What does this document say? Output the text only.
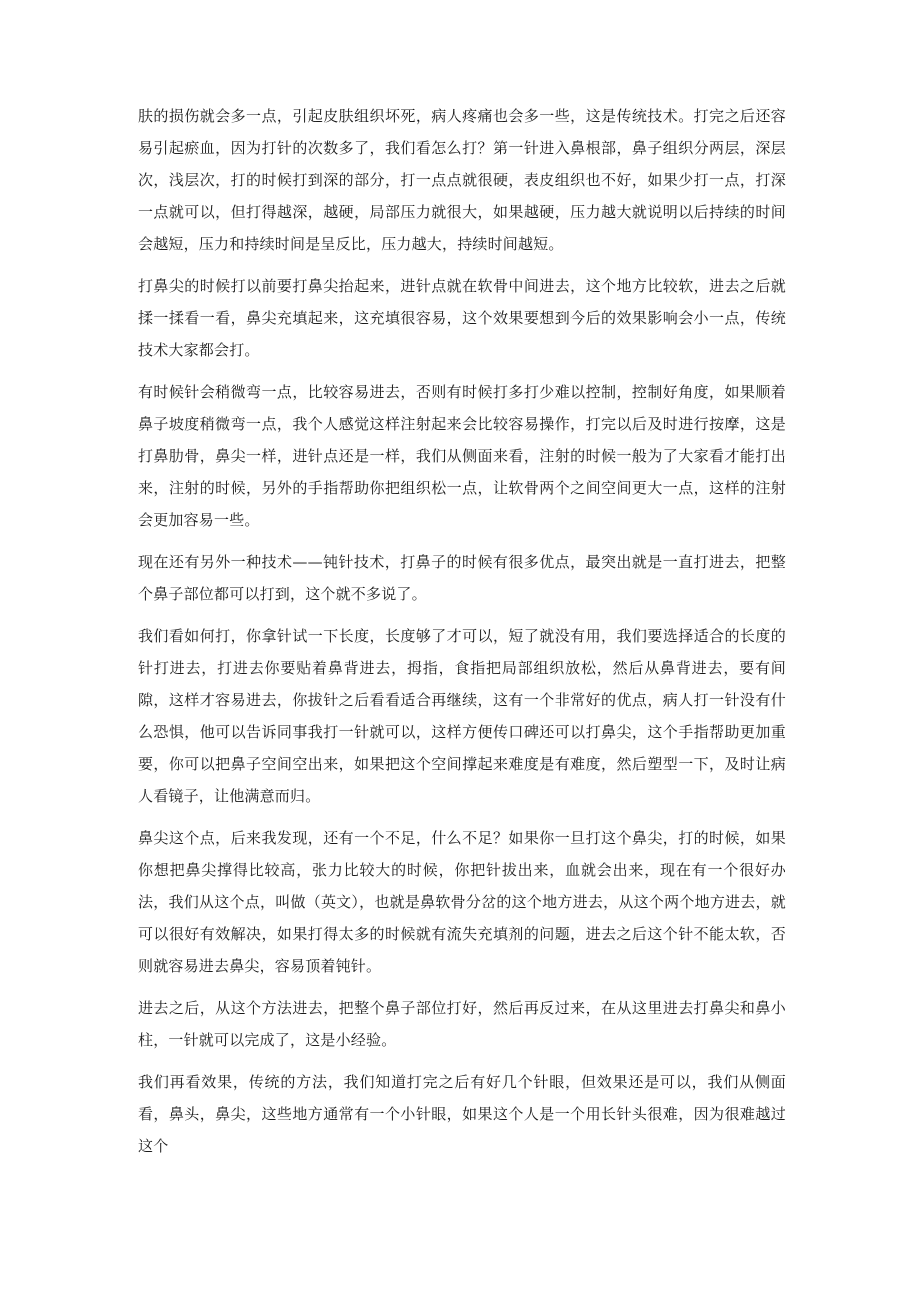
肤的损伤就会多一点，引起皮肤组织坏死，病人疼痛也会多一些，这是传统技术。打完之后还容易引起瘀血，因为打针的次数多了，我们看怎么打？第一针进入鼻根部，鼻子组织分两层，深层次，浅层次，打的时候打到深的部分，打一点点就很硬，表皮组织也不好，如果少打一点，打深一点就可以，但打得越深，越硬，局部压力就很大，如果越硬，压力越大就说明以后持续的时间会越短，压力和持续时间是呈反比，压力越大，持续时间越短。

打鼻尖的时候打以前要打鼻尖抬起来，进针点就在软骨中间进去，这个地方比较软，进去之后就揉一揉看一看，鼻尖充填起来，这充填很容易，这个效果要想到今后的效果影响会小一点，传统技术大家都会打。

有时候针会稍微弯一点，比较容易进去，否则有时候打多打少难以控制，控制好角度，如果顺着鼻子坡度稍微弯一点，我个人感觉这样注射起来会比较容易操作，打完以后及时进行按摩，这是打鼻肋骨，鼻尖一样，进针点还是一样，我们从侧面来看，注射的时候一般为了大家看才能打出来，注射的时候，另外的手指帮助你把组织松一点，让软骨两个之间空间更大一点，这样的注射会更加容易一些。

现在还有另外一种技术——钝针技术，打鼻子的时候有很多优点，最突出就是一直打进去，把整个鼻子部位都可以打到，这个就不多说了。

我们看如何打，你拿针试一下长度，长度够了才可以，短了就没有用，我们要选择适合的长度的针打进去，打进去你要贴着鼻背进去，拇指，食指把局部组织放松，然后从鼻背进去，要有间隙，这样才容易进去，你拔针之后看看适合再继续，这有一个非常好的优点，病人打一针没有什么恐惧，他可以告诉同事我打一针就可以，这样方便传口碑还可以打鼻尖，这个手指帮助更加重要，你可以把鼻子空间空出来，如果把这个空间撑起来难度是有难度，然后塑型一下，及时让病人看镜子，让他满意而归。

鼻尖这个点，后来我发现，还有一个不足，什么不足？如果你一旦打这个鼻尖，打的时候，如果你想把鼻尖撑得比较高，张力比较大的时候，你把针拔出来，血就会出来，现在有一个很好办法，我们从这个点，叫做（英文），也就是鼻软骨分岔的这个地方进去，从这个两个地方进去，就可以很好有效解决，如果打得太多的时候就有流失充填剂的问题，进去之后这个针不能太软，否则就容易进去鼻尖，容易顶着钝针。

进去之后，从这个方法进去，把整个鼻子部位打好，然后再反过来，在从这里进去打鼻尖和鼻小柱，一针就可以完成了，这是小经验。

我们再看效果，传统的方法，我们知道打完之后有好几个针眼，但效果还是可以，我们从侧面看，鼻头，鼻尖，这些地方通常有一个小针眼，如果这个人是一个用长针头很难，因为很难越过这个
